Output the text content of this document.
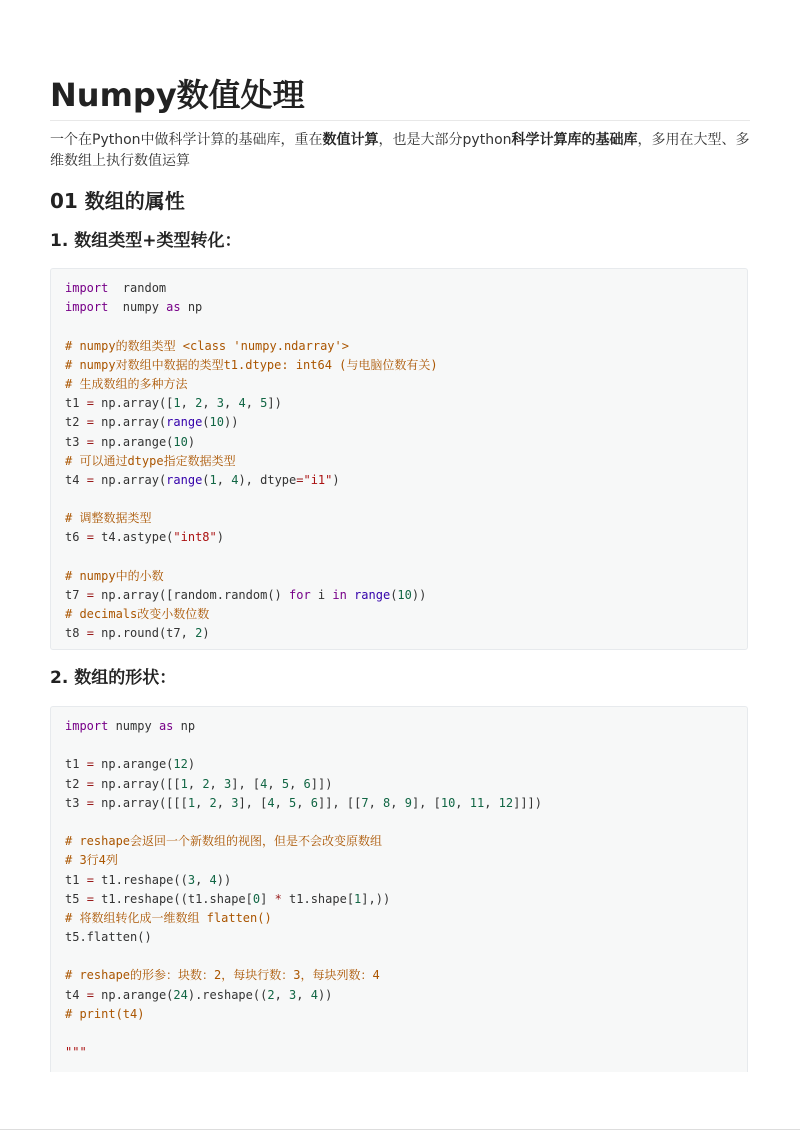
Numpy数值处理

一个在Python中做科学计算的基础库，重在数值计算，也是大部分python科学计算库的基础库，多用在大型、多维数组上执行数值运算

01 数组的属性
1. 数组类型+类型转化：
import  random
import  numpy as np

# numpy的数组类型 <class 'numpy.ndarray'>
# numpy对数组中数据的类型t1.dtype: int64 (与电脑位数有关)
# 生成数组的多种方法
t1 = np.array([1, 2, 3, 4, 5])
t2 = np.array(range(10))
t3 = np.arange(10)
# 可以通过dtype指定数据类型
t4 = np.array(range(1, 4), dtype="i1")

# 调整数据类型
t6 = t4.astype("int8")

# numpy中的小数
t7 = np.array([random.random() for i in range(10))
# decimals改变小数位数
t8 = np.round(t7, 2)
2. 数组的形状：
import numpy as np

t1 = np.arange(12)
t2 = np.array([[1, 2, 3], [4, 5, 6]])
t3 = np.array([[[1, 2, 3], [4, 5, 6]], [[7, 8, 9], [10, 11, 12]]])

# reshape会返回一个新数组的视图，但是不会改变原数组
# 3行4列
t1 = t1.reshape((3, 4))
t5 = t1.reshape((t1.shape[0] * t1.shape[1],))
# 将数组转化成一维数组 flatten()
t5.flatten()

# reshape的形参：块数：2，每块行数：3，每块列数：4
t4 = np.arange(24).reshape((2, 3, 4))
# print(t4)

"""
